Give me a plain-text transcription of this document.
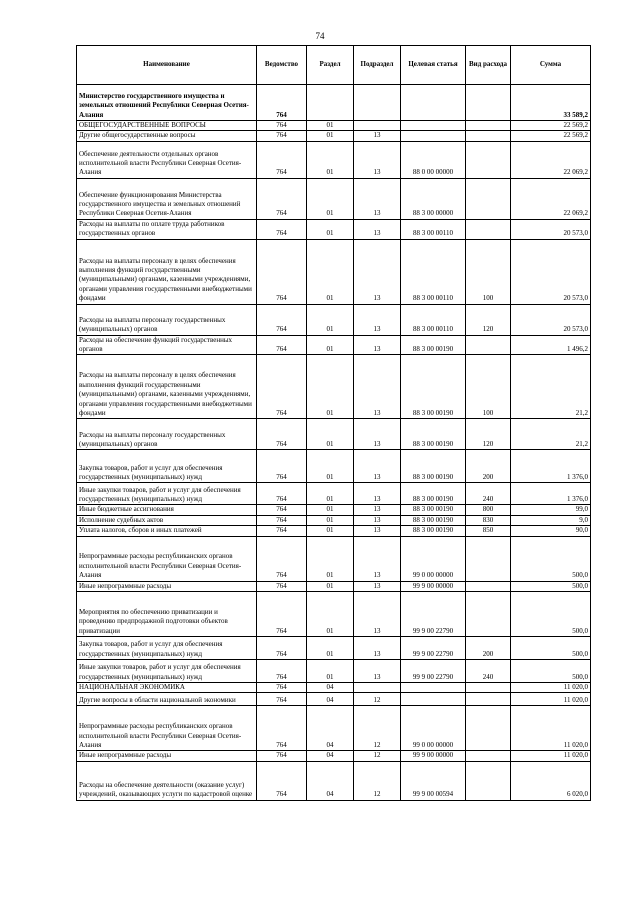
74
Наименование	Ведомство	Раздел	Подраздел	Целевая статья	Вид расхода	Сумма
Министерство государственного имущества и земельных отношений Республики Северная Осетия-Алания	764					33 589,2
ОБЩЕГОСУДАРСТВЕННЫЕ ВОПРОСЫ	764	01				22 569,2
Другие общегосударственные вопросы	764	01	13			22 569,2
Обеспечение деятельности отдельных органов исполнительной власти Республики Северная Осетия-Алания	764	01	13	88 0 00 00000		22 069,2
Обеспечение функционирования Министерства государственного имущества и земельных отношений Республики Северная Осетия-Алания	764	01	13	88 3 00 00000		22 069,2
Расходы на выплаты по оплате труда работников государственных органов	764	01	13	88 3 00 00110		20 573,0
Расходы на выплаты персоналу в целях обеспечения выполнения функций государственными (муниципальными) органами, казенными учреждениями, органами управления государственными внебюджетными фондами	764	01	13	88 3 00 00110	100	20 573,0
Расходы на выплаты персоналу государственных (муниципальных) органов	764	01	13	88 3 00 00110	120	20 573,0
Расходы на обеспечение функций государственных органов	764	01	13	88 3 00 00190		1 496,2
Расходы на выплаты персоналу в целях обеспечения выполнения функций государственными (муниципальными) органами, казенными учреждениями, органами управления государственными внебюджетными фондами	764	01	13	88 3 00 00190	100	21,2
Расходы на выплаты персоналу государственных (муниципальных) органов	764	01	13	88 3 00 00190	120	21,2
Закупка товаров, работ и услуг для обеспечения государственных (муниципальных) нужд	764	01	13	88 3 00 00190	200	1 376,0
Иные закупки товаров, работ и услуг для обеспечения государственных (муниципальных) нужд	764	01	13	88 3 00 00190	240	1 376,0
Иные бюджетные ассигнования	764	01	13	88 3 00 00190	800	99,0
Исполнение судебных актов	764	01	13	88 3 00 00190	830	9,0
Уплата налогов, сборов и иных платежей	764	01	13	88 3 00 00190	850	90,0
Непрограммные расходы республиканских органов исполнительной власти Республики Северная Осетия-Алания	764	01	13	99 0 00 00000		500,0
Иные непрограммные расходы	764	01	13	99 9 00 00000		500,0
Мероприятия по обеспечению приватизации и проведению предпродажной подготовки объектов приватизации	764	01	13	99 9 00 22790		500,0
Закупка товаров, работ и услуг для обеспечения государственных (муниципальных) нужд	764	01	13	99 9 00 22790	200	500,0
Иные закупки товаров, работ и услуг для обеспечения государственных (муниципальных) нужд	764	01	13	99 9 00 22790	240	500,0
НАЦИОНАЛЬНАЯ ЭКОНОМИКА	764	04				11 020,0
Другие вопросы в области национальной экономики	764	04	12			11 020,0
Непрограммные расходы республиканских органов исполнительной власти Республики Северная Осетия-Алания	764	04	12	99 0 00 00000		11 020,0
Иные непрограммные расходы	764	04	12	99 9 00 00000		11 020,0
Расходы на обеспечение деятельности (оказание услуг) учреждений, оказывающих услуги по кадастровой оценке	764	04	12	99 9 00 00594		6 020,0
